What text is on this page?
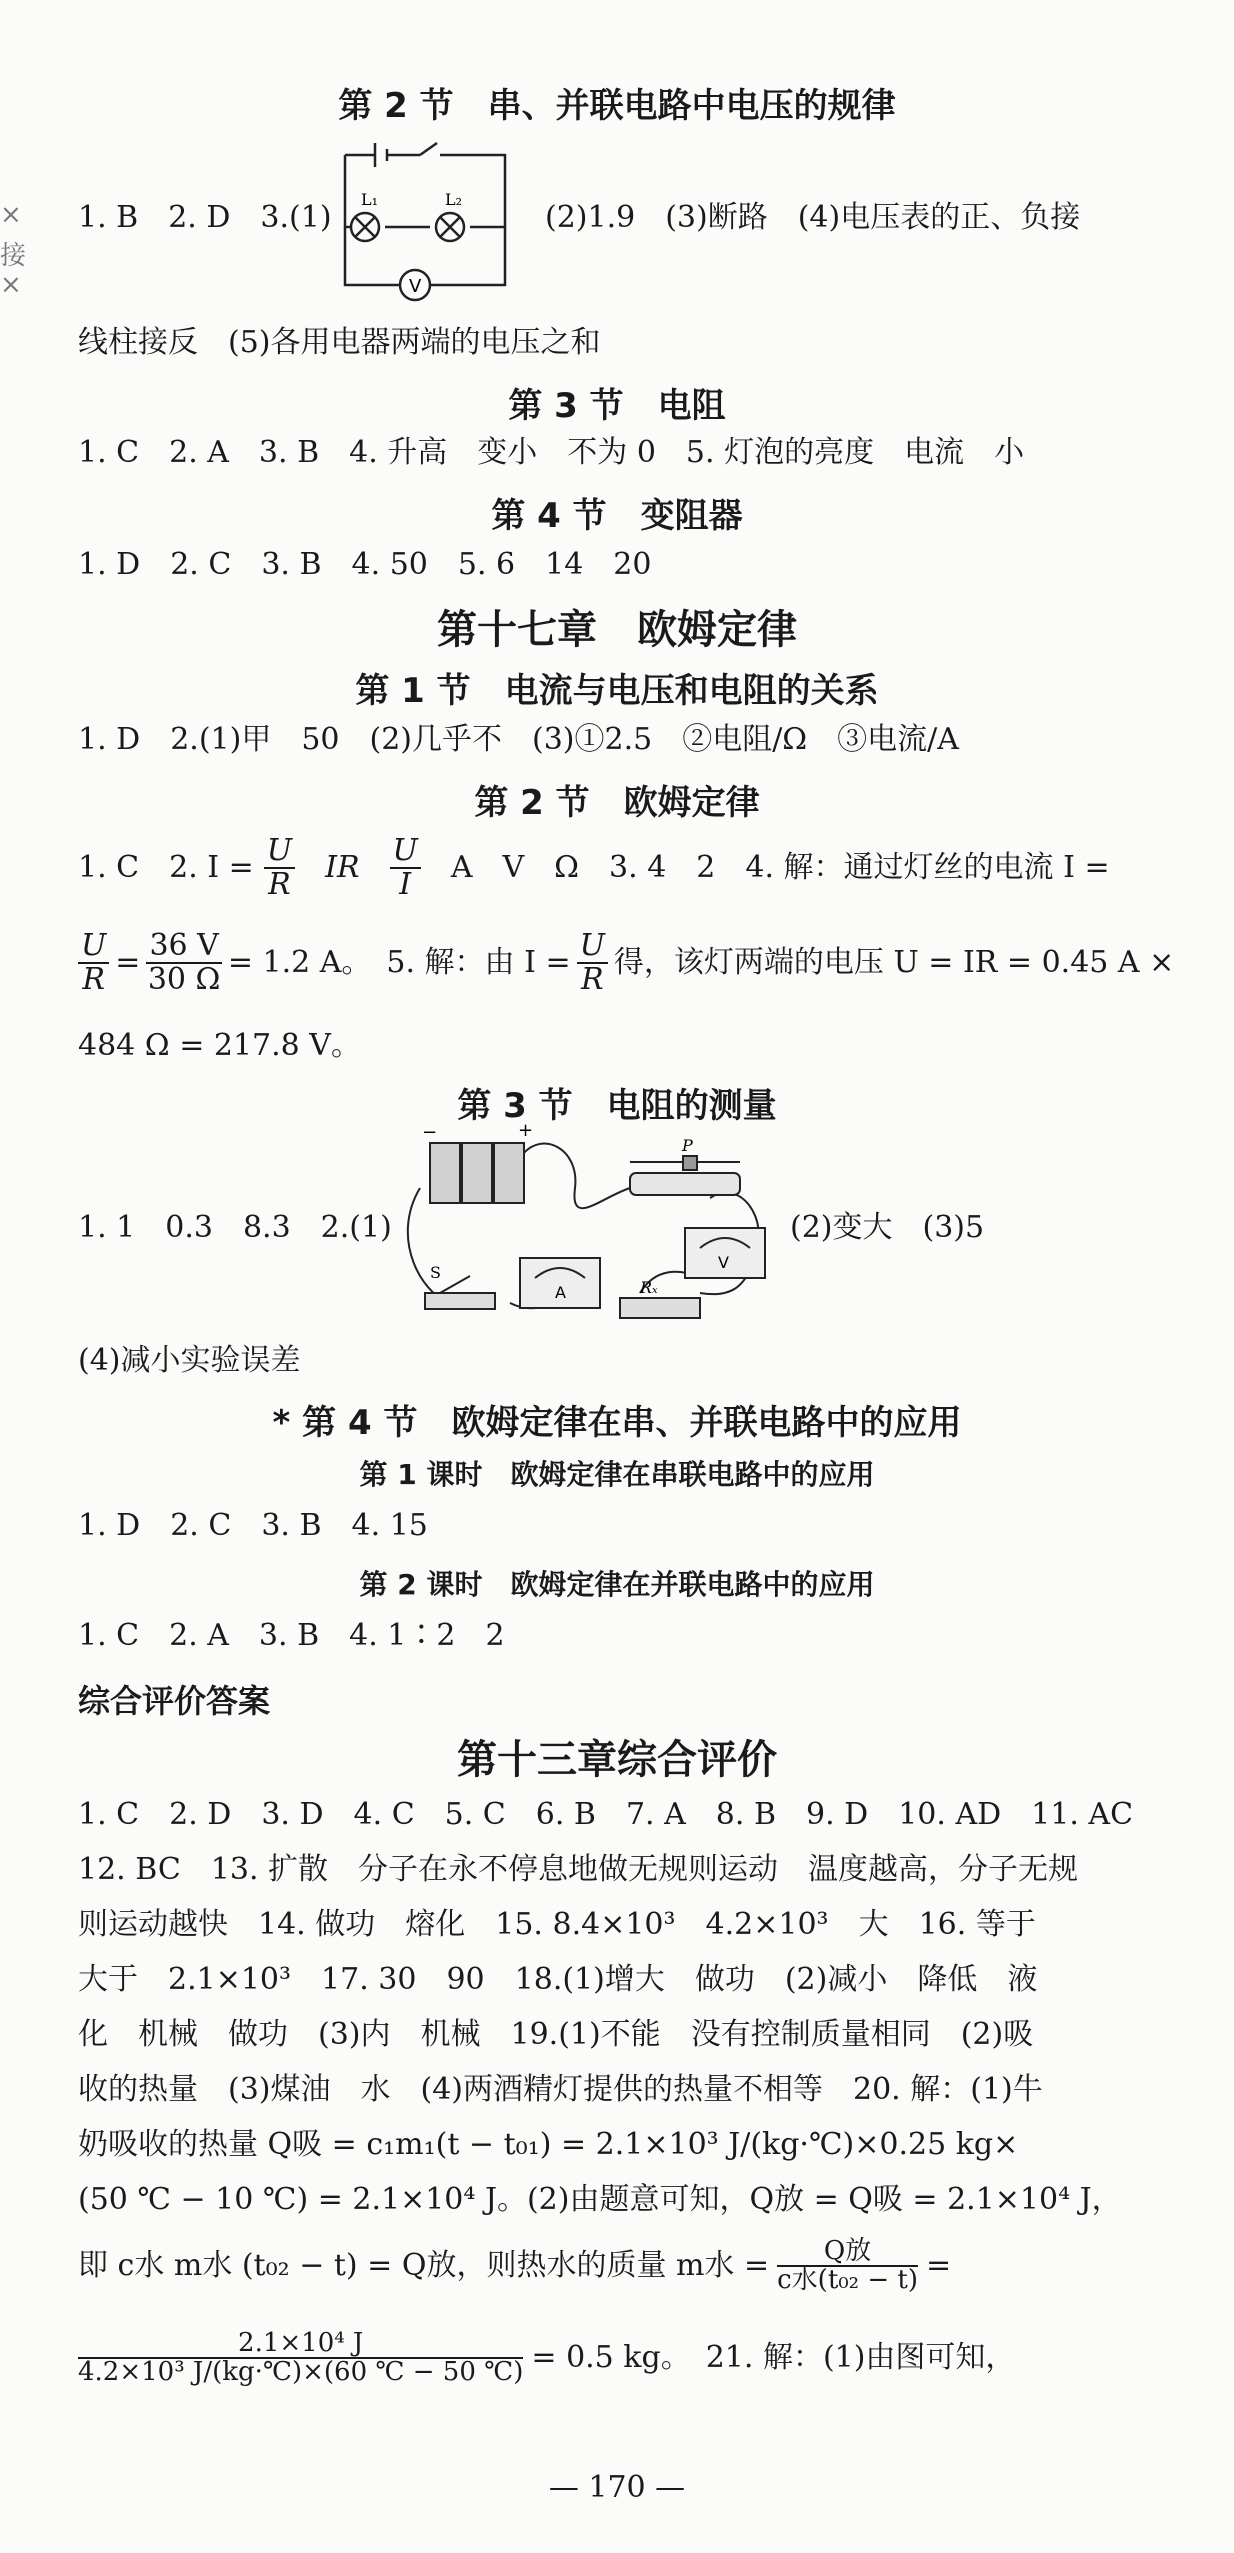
×
接
×
第 2 节　串、并联电路中电压的规律
1. B　2. D　3.(1)
L₁	L₂
V
(2)1.9　(3)断路　(4)电压表的正、负接
线柱接反　(5)各用电器两端的电压之和
第 3 节　电阻
1. C　2. A　3. B　4. 升高　变小　不为 0　5. 灯泡的亮度　电流　小
第 4 节　变阻器
1. D　2. C　3. B　4. 50　5. 6　14　20
第十七章　欧姆定律
第 1 节　电流与电压和电阻的关系
1. D　2.(1)甲　50　(2)几乎不　(3)①2.5　②电阻/Ω　③电流/A
第 2 节　欧姆定律
1. C　2. $I = \frac{U}{R}$ IR $\frac{U}{I}$ A　V　Ω　3. 4　2　4. 解：通过灯丝的电流 I =
$\frac{U}{R} = \frac{36 V}{30 \Omega} = 1.2$ A。　5. 解：由 $I = \frac{U}{R}$ 得，该灯两端的电压 U = IR = 0.45 A ×
484 Ω = 217.8 V。
第 3 节　电阻的测量
1. 1　0.3　8.3　2.(1)
−	+
P
S
A
V
Rₓ
(2)变大　(3)5
(4)减小实验误差
* 第 4 节　欧姆定律在串、并联电路中的应用
第 1 课时　欧姆定律在串联电路中的应用
1. D　2. C　3. B　4. 15
第 2 课时　欧姆定律在并联电路中的应用
1. C　2. A　3. B　4. 1∶2　2
综合评价答案
第十三章综合评价
1. C　2. D　3. D　4. C　5. C　6. B　7. A　8. B　9. D　10. AD　11. AC
12. BC　13. 扩散　分子在永不停息地做无规则运动　温度越高，分子无规
则运动越快　14. 做功　熔化　15. 8.4×10³　4.2×10³　大　16. 等于
大于　2.1×10³　17. 30　90　18.(1)增大　做功　(2)减小　降低　液
化　机械　做功　(3)内　机械　19.(1)不能　没有控制质量相同　(2)吸
收的热量　(3)煤油　水　(4)两酒精灯提供的热量不相等　20. 解：(1)牛
奶吸收的热量 Q吸 = c₁m₁(t − t₀₁) = 2.1×10³ J/(kg·℃)×0.25 kg×
(50 ℃ − 10 ℃) = 2.1×10⁴ J。(2)由题意可知，Q放 = Q吸 = 2.1×10⁴ J，
即 c水 m水 (t₀₂ − t) = Q放，则热水的质量 m水 = $\frac{\text{Q放}}{\text{c水(t₀₂ − t)}}$ =
$\frac{\text{2.1×10⁴ J}}{\text{4.2×10³ J/(kg·℃)×(60 ℃ − 50 ℃)}} = 0.5$ kg。　21. 解：(1)由图可知，
— 170 —
